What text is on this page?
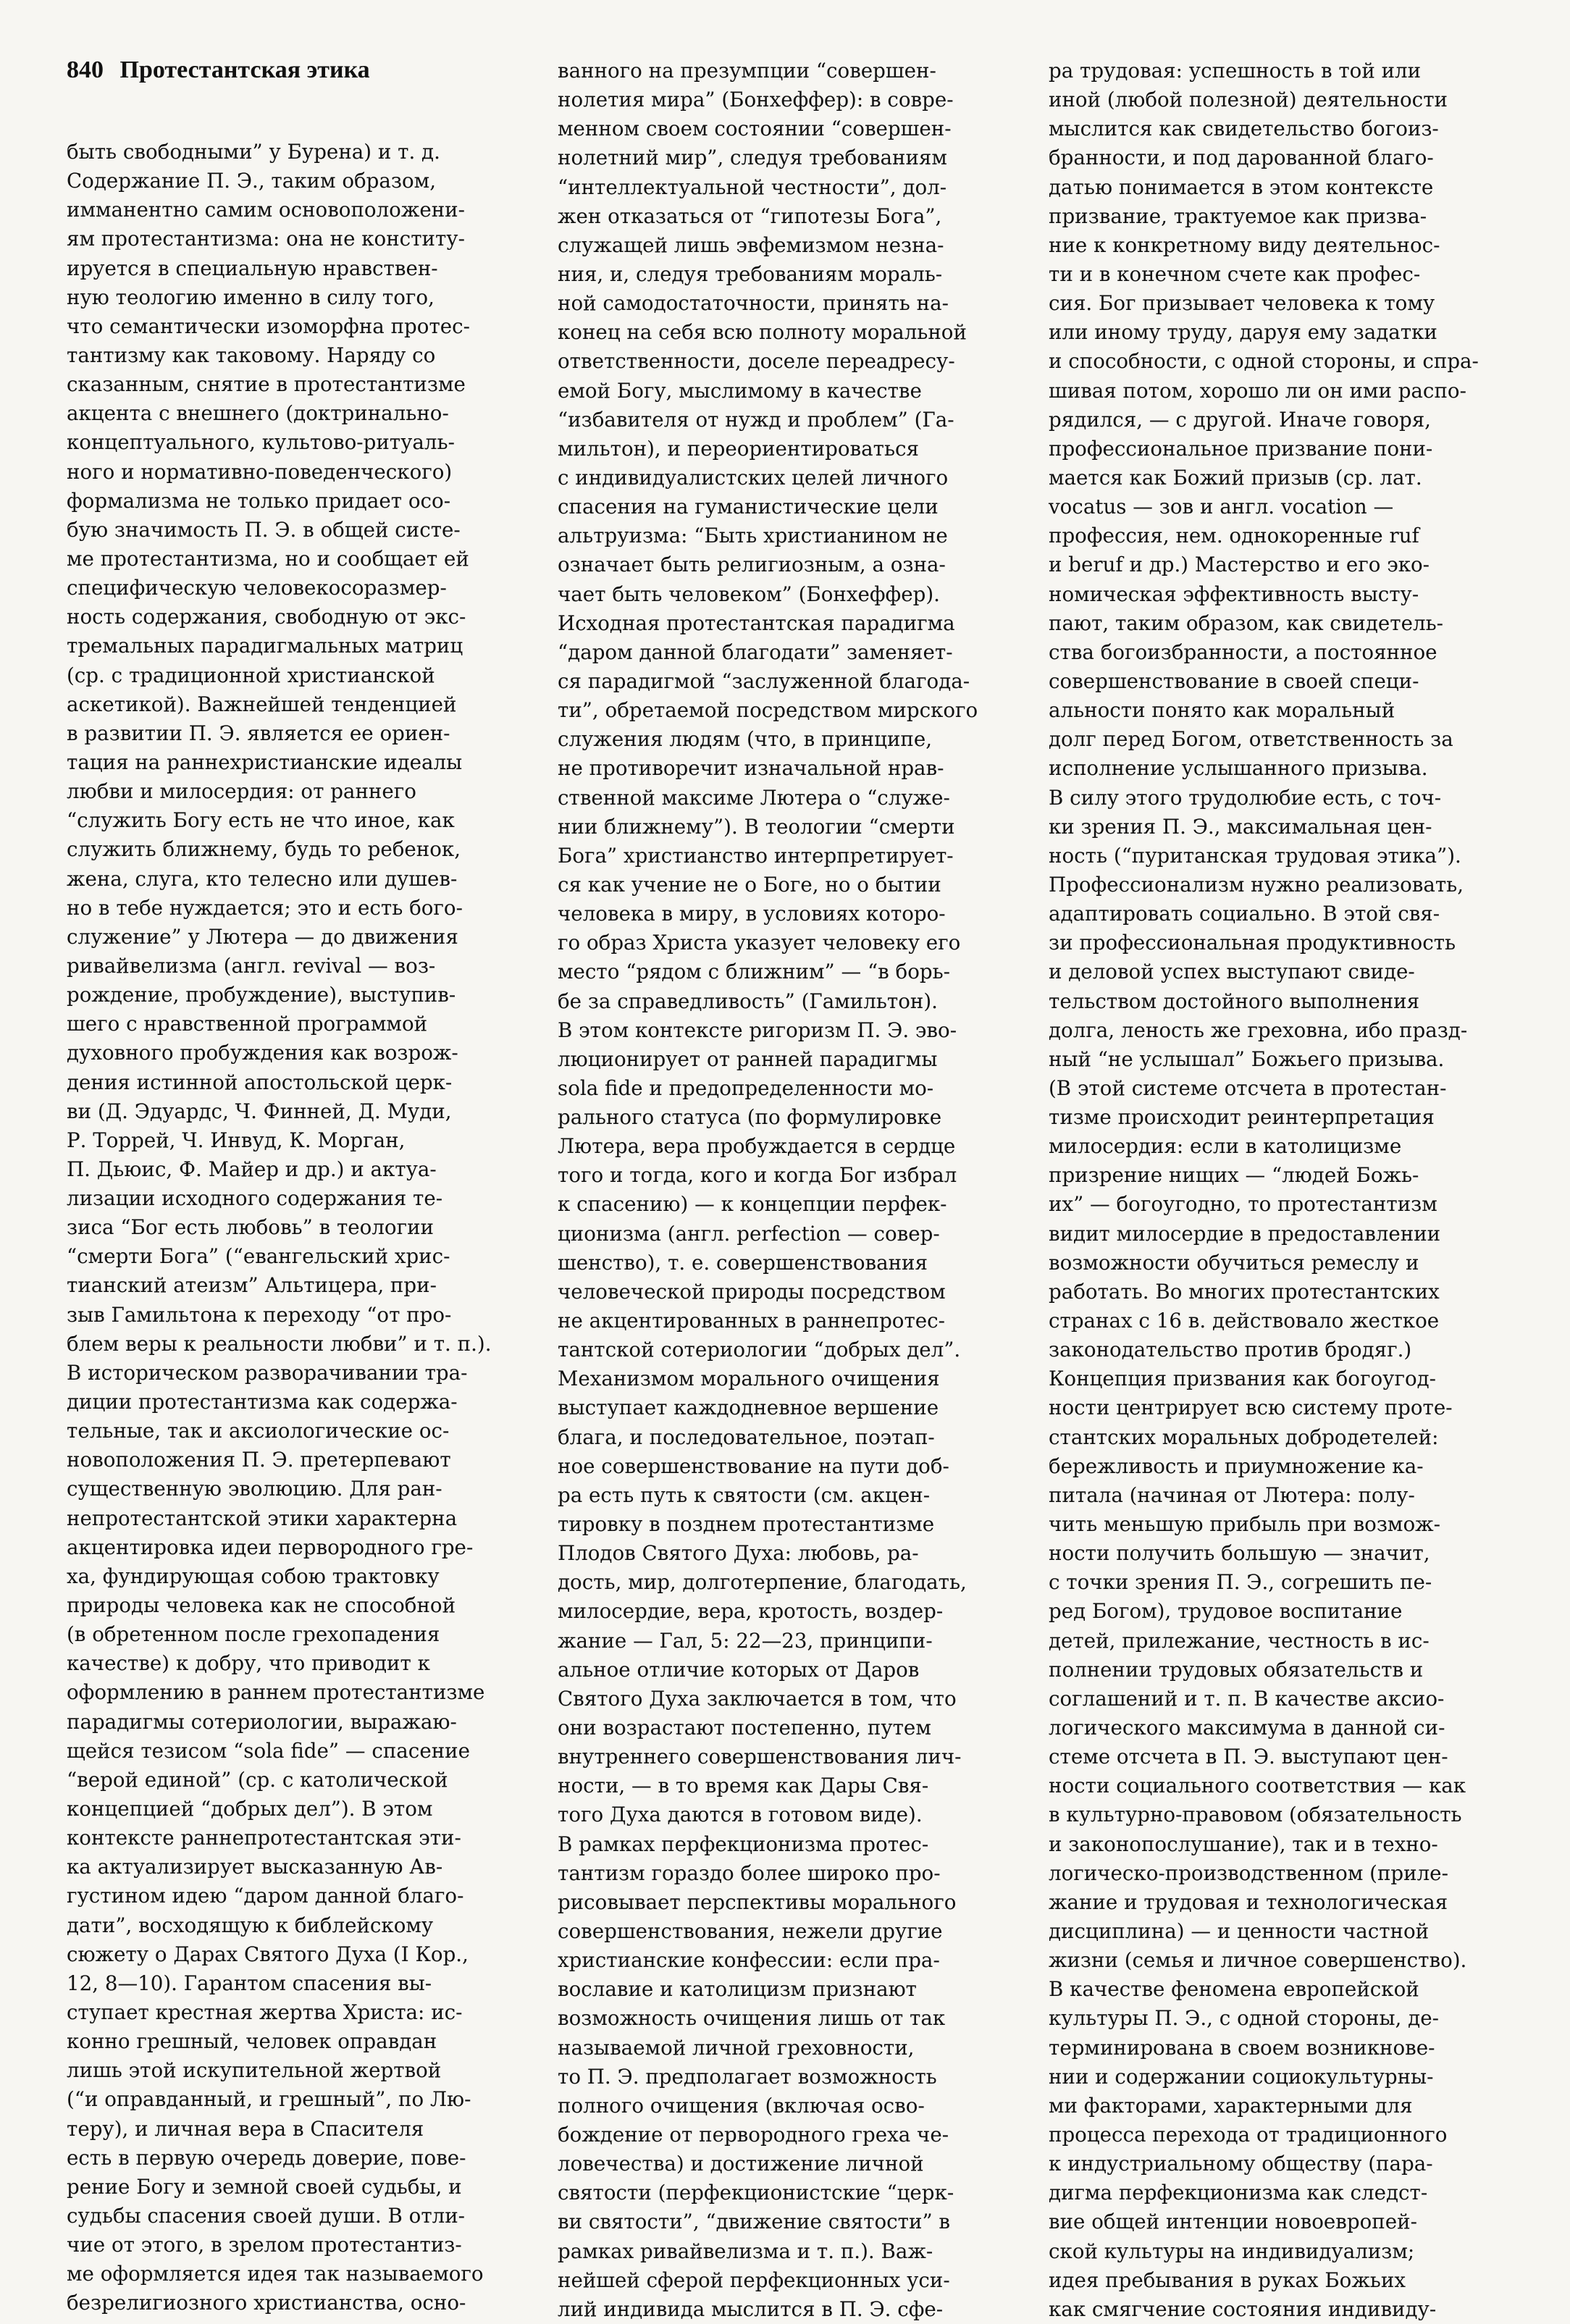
840 Протестантская этика
быть свободными” у Бурена) и т. д.
Содержание П. Э., таким образом,
имманентно самим основоположени-
ям протестантизма: она не конститу-
ируется в специальную нравствен-
ную теологию именно в силу того,
что семантически изоморфна протес-
тантизму как таковому. Наряду со
сказанным, снятие в протестантизме
акцента с внешнего (доктринально-
концептуального, культово-ритуаль-
ного и нормативно-поведенческого)
формализма не только придает осо-
бую значимость П. Э. в общей систе-
ме протестантизма, но и сообщает ей
специфическую человекосоразмер-
ность содержания, свободную от экс-
тремальных парадигмальных матриц
(ср. с традиционной христианской
аскетикой). Важнейшей тенденцией
в развитии П. Э. является ее ориен-
тация на раннехристианские идеалы
любви и милосердия: от раннего
“служить Богу есть не что иное, как
служить ближнему, будь то ребенок,
жена, слуга, кто телесно или душев-
но в тебе нуждается; это и есть бого-
служение” у Лютера — до движения
ривайвелизма (англ. revival — воз-
рождение, пробуждение), выступив-
шего с нравственной программой
духовного пробуждения как возрож-
дения истинной апостольской церк-
ви (Д. Эдуардс, Ч. Финней, Д. Муди,
Р. Торрей, Ч. Инвуд, К. Морган,
П. Дьюис, Ф. Майер и др.) и актуа-
лизации исходного содержания те-
зиса “Бог есть любовь” в теологии
“смерти Бога” (“евангельский хрис-
тианский атеизм” Альтицера, при-
зыв Гамильтона к переходу “от про-
блем веры к реальности любви” и т. п.).
В историческом разворачивании тра-
диции протестантизма как содержа-
тельные, так и аксиологические ос-
новоположения П. Э. претерпевают
существенную эволюцию. Для ран-
непротестантской этики характерна
акцентировка идеи первородного гре-
ха, фундирующая собою трактовку
природы человека как не способной
(в обретенном после грехопадения
качестве) к добру, что приводит к
оформлению в раннем протестантизме
парадигмы сотериологии, выражаю-
щейся тезисом “sola fide” — спасение
“верой единой” (ср. с католической
концепцией “добрых дел”). В этом
контексте раннепротестантская эти-
ка актуализирует высказанную Ав-
густином идею “даром данной благо-
дати”, восходящую к библейскому
сюжету о Дарах Святого Духа (I Кор.,
12, 8—10). Гарантом спасения вы-
ступает крестная жертва Христа: ис-
конно грешный, человек оправдан
лишь этой искупительной жертвой
(“и оправданный, и грешный”, по Лю-
теру), и личная вера в Спасителя
есть в первую очередь доверие, пове-
рение Богу и земной своей судьбы, и
судьбы спасения своей души. В отли-
чие от этого, в зрелом протестантиз-
ме оформляется идея так называемого
безрелигиозного христианства, осно-
ванного на презумпции “совершен-
нолетия мира” (Бонхеффер): в совре-
менном своем состоянии “совершен-
нолетний мир”, следуя требованиям
“интеллектуальной честности”, дол-
жен отказаться от “гипотезы Бога”,
служащей лишь эвфемизмом незна-
ния, и, следуя требованиям мораль-
ной самодостаточности, принять на-
конец на себя всю полноту моральной
ответственности, доселе переадресу-
емой Богу, мыслимому в качестве
“избавителя от нужд и проблем” (Га-
мильтон), и переориентироваться
с индивидуалистских целей личного
спасения на гуманистические цели
альтруизма: “Быть христианином не
означает быть религиозным, а озна-
чает быть человеком” (Бонхеффер).
Исходная протестантская парадигма
“даром данной благодати” заменяет-
ся парадигмой “заслуженной благода-
ти”, обретаемой посредством мирского
служения людям (что, в принципе,
не противоречит изначальной нрав-
ственной максиме Лютера о “служе-
нии ближнему”). В теологии “смерти
Бога” христианство интерпретирует-
ся как учение не о Боге, но о бытии
человека в миру, в условиях которо-
го образ Христа указует человеку его
место “рядом с ближним” — “в борь-
бе за справедливость” (Гамильтон).
В этом контексте ригоризм П. Э. эво-
люционирует от ранней парадигмы
sola fide и предопределенности мо-
рального статуса (по формулировке
Лютера, вера пробуждается в сердце
того и тогда, кого и когда Бог избрал
к спасению) — к концепции перфек-
ционизма (англ. perfection — совер-
шенство), т. е. совершенствования
человеческой природы посредством
не акцентированных в раннепротес-
тантской сотериологии “добрых дел”.
Механизмом морального очищения
выступает каждодневное вершение
блага, и последовательное, поэтап-
ное совершенствование на пути доб-
ра есть путь к святости (см. акцен-
тировку в позднем протестантизме
Плодов Святого Духа: любовь, ра-
дость, мир, долготерпение, благодать,
милосердие, вера, кротость, воздер-
жание — Гал, 5: 22—23, принципи-
альное отличие которых от Даров
Святого Духа заключается в том, что
они возрастают постепенно, путем
внутреннего совершенствования лич-
ности, — в то время как Дары Свя-
того Духа даются в готовом виде).
В рамках перфекционизма протес-
тантизм гораздо более широко про-
рисовывает перспективы морального
совершенствования, нежели другие
христианские конфессии: если пра-
вославие и католицизм признают
возможность очищения лишь от так
называемой личной греховности,
то П. Э. предполагает возможность
полного очищения (включая осво-
бождение от первородного греха че-
ловечества) и достижение личной
святости (перфекционистские “церк-
ви святости”, “движение святости” в
рамках ривайвелизма и т. п.). Важ-
нейшей сферой перфекционных уси-
лий индивида мыслится в П. Э. сфе-
ра трудовая: успешность в той или
иной (любой полезной) деятельности
мыслится как свидетельство богоиз-
бранности, и под дарованной благо-
датью понимается в этом контексте
призвание, трактуемое как призва-
ние к конкретному виду деятельнос-
ти и в конечном счете как профес-
сия. Бог призывает человека к тому
или иному труду, даруя ему задатки
и способности, с одной стороны, и спра-
шивая потом, хорошо ли он ими распо-
рядился, — с другой. Иначе говоря,
профессиональное призвание пони-
мается как Божий призыв (ср. лат.
vocatus — зов и англ. vocation —
профессия, нем. однокоренные ruf
и beruf и др.) Мастерство и его эко-
номическая эффективность высту-
пают, таким образом, как свидетель-
ства богоизбранности, а постоянное
совершенствование в своей специ-
альности понято как моральный
долг перед Богом, ответственность за
исполнение услышанного призыва.
В силу этого трудолюбие есть, с точ-
ки зрения П. Э., максимальная цен-
ность (“пуританская трудовая этика”).
Профессионализм нужно реализовать,
адаптировать социально. В этой свя-
зи профессиональная продуктивность
и деловой успех выступают свиде-
тельством достойного выполнения
долга, леность же греховна, ибо празд-
ный “не услышал” Божьего призыва.
(В этой системе отсчета в протестан-
тизме происходит реинтерпретация
милосердия: если в католицизме
призрение нищих — “людей Божь-
их” — богоугодно, то протестантизм
видит милосердие в предоставлении
возможности обучиться ремеслу и
работать. Во многих протестантских
странах с 16 в. действовало жесткое
законодательство против бродяг.)
Концепция призвания как богоугод-
ности центрирует всю систему проте-
стантских моральных добродетелей:
бережливость и приумножение ка-
питала (начиная от Лютера: полу-
чить меньшую прибыль при возмож-
ности получить большую — значит,
с точки зрения П. Э., согрешить пе-
ред Богом), трудовое воспитание
детей, прилежание, честность в ис-
полнении трудовых обязательств и
соглашений и т. п. В качестве аксио-
логического максимума в данной си-
стеме отсчета в П. Э. выступают цен-
ности социального соответствия — как
в культурно-правовом (обязательность
и законопослушание), так и в техно-
логическо-производственном (приле-
жание и трудовая и технологическая
дисциплина) — и ценности частной
жизни (семья и личное совершенство).
В качестве феномена европейской
культуры П. Э., с одной стороны, де-
терминирована в своем возникнове-
нии и содержании социокультурны-
ми факторами, характерными для
процесса перехода от традиционного
к индустриальному обществу (пара-
дигма перфекционизма как следст-
вие общей интенции новоевропей-
ской культуры на индивидуализм;
идея пребывания в руках Божьих
как смягчение состояния индивиду-
